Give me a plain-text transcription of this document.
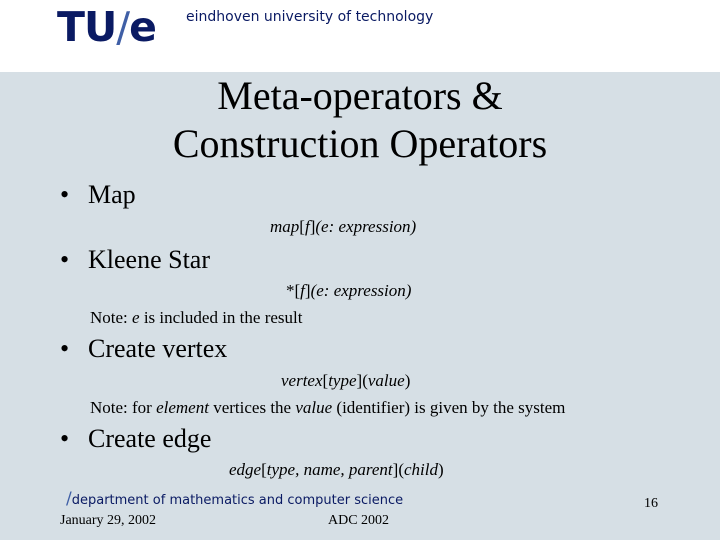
TU/e eindhoven university of technology
Meta-operators &
Construction Operators
• Map
map[f](e: expression)
• Kleene Star
*[f](e: expression)
Note: e is included in the result
• Create vertex
vertex[type](value)
Note: for element vertices the value (identifier) is given by the system
• Create edge
edge[type, name, parent](child)
/department of mathematics and computer science
January 29, 2002	ADC 2002
16
